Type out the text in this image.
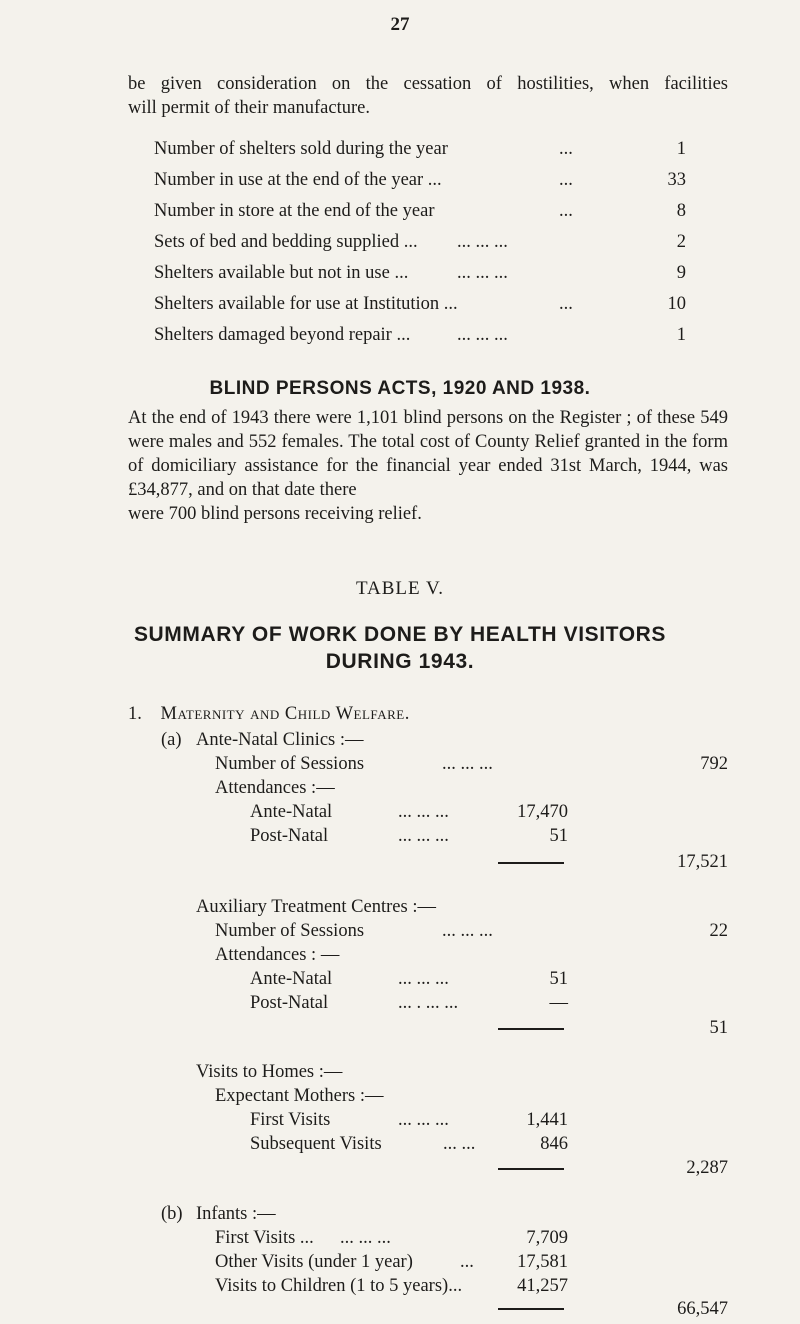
27
be given consideration on the cessation of hostilities, when facilities
will permit of their manufacture.
Number of shelters sold during the year	...	1
Number in use at the end of the year ...	...	33
Number in store at the end of the year	...	8
Sets of bed and bedding supplied ... ... ... ...	2
Shelters available but not in use ...	... ... ...	9
Shelters available for use at Institution ...	...	10
Shelters damaged beyond repair ...	... ... ...	1
BLIND PERSONS ACTS, 1920 AND 1938.
At the end of 1943 there were 1,101 blind persons on the Register ; of these 549 were males and 552 females. The total cost of County Relief granted in the form of domiciliary assistance for the financial year ended 31st March, 1944, was £34,877, and on that date there
were 700 blind persons receiving relief.
TABLE V.
SUMMARY OF WORK DONE BY HEALTH VISITORS
DURING 1943.
1. Maternity and Child Welfare.
(a) Ante-Natal Clinics :—
Number of Sessions	... ... ...	792
Attendances :—
Ante-Natal	... ... ...	17,470
Post-Natal	... ... ...	51
17,521
Auxiliary Treatment Centres :—
Number of Sessions	... ... ...	22
Attendances : —
Ante-Natal	... ... ...	51
Post-Natal	... . ... ...	—
51
Visits to Homes :—
Expectant Mothers :—
First Visits	... ... ...	1,441
Subsequent Visits	... ...	846
2,287
(b) Infants :—
First Visits ... ... ... ...	7,709
Other Visits (under 1 year)	...	17,581
Visits to Children (1 to 5 years)...	41,257
66,547
